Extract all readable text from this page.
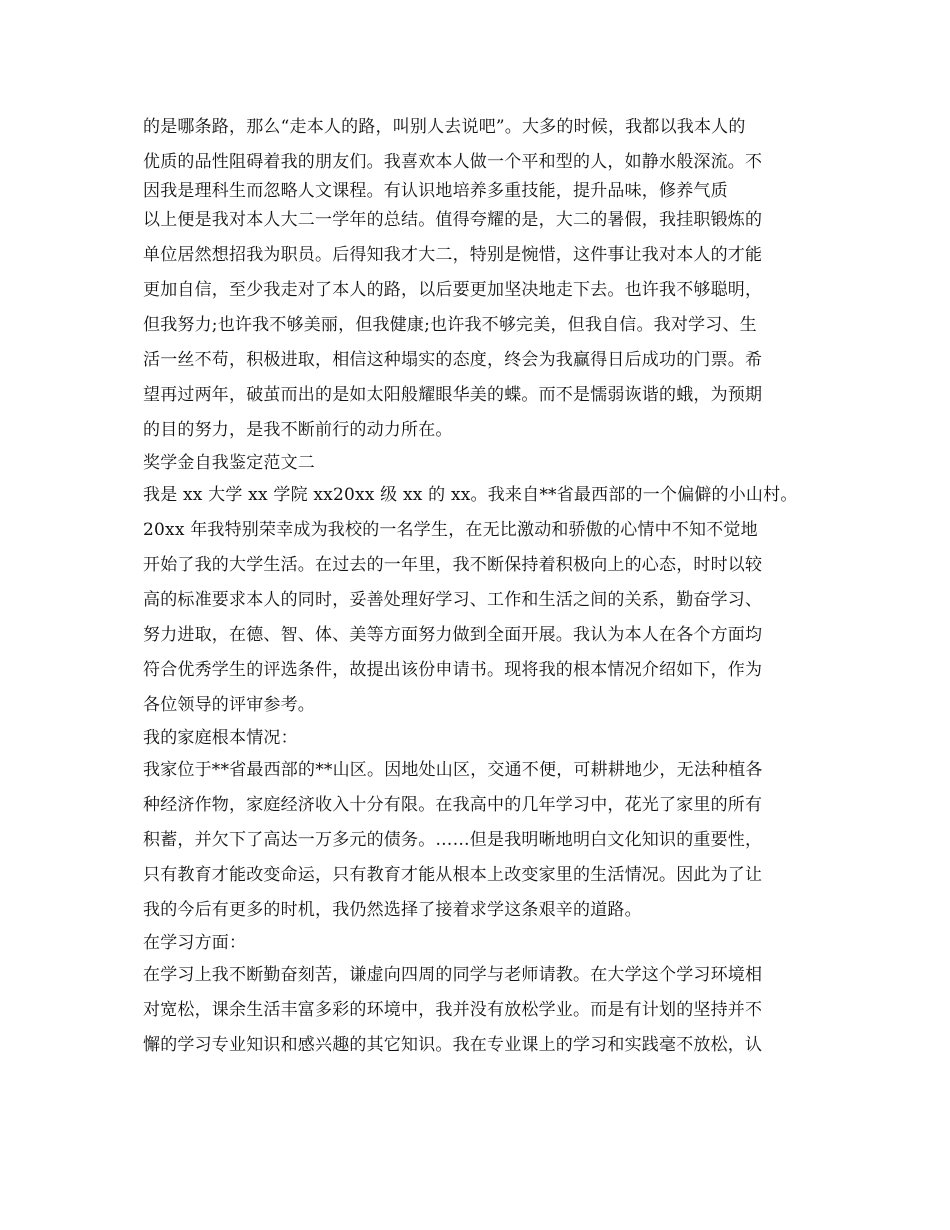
的是哪条路，那么“走本人的路，叫别人去说吧”。大多的时候，我都以我本人的
优质的品性阻碍着我的朋友们。我喜欢本人做一个平和型的人，如静水般深流。不
因我是理科生而忽略人文课程。有认识地培养多重技能，提升品味，修养气质
以上便是我对本人大二一学年的总结。值得夸耀的是，大二的暑假，我挂职锻炼的
单位居然想招我为职员。后得知我才大二，特别是惋惜，这件事让我对本人的才能
更加自信，至少我走对了本人的路，以后要更加坚决地走下去。也许我不够聪明，
但我努力;也许我不够美丽，但我健康;也许我不够完美，但我自信。我对学习、生
活一丝不苟，积极进取，相信这种塌实的态度，终会为我赢得日后成功的门票。希
望再过两年，破茧而出的是如太阳般耀眼华美的蝶。而不是懦弱诙谐的蛾，为预期
的目的努力，是我不断前行的动力所在。
奖学金自我鉴定范文二
我是 xx 大学 xx 学院 xx20xx 级 xx 的 xx。我来自**省最西部的一个偏僻的小山村。
20xx 年我特别荣幸成为我校的一名学生，在无比激动和骄傲的心情中不知不觉地
开始了我的大学生活。在过去的一年里，我不断保持着积极向上的心态，时时以较
高的标准要求本人的同时，妥善处理好学习、工作和生活之间的关系，勤奋学习、
努力进取，在德、智、体、美等方面努力做到全面开展。我认为本人在各个方面均
符合优秀学生的评选条件，故提出该份申请书。现将我的根本情况介绍如下，作为
各位领导的评审参考。
我的家庭根本情况：
我家位于**省最西部的**山区。因地处山区，交通不便，可耕耕地少，无法种植各
种经济作物，家庭经济收入十分有限。在我高中的几年学习中，花光了家里的所有
积蓄，并欠下了高达一万多元的债务。……但是我明晰地明白文化知识的重要性，
只有教育才能改变命运，只有教育才能从根本上改变家里的生活情况。因此为了让
我的今后有更多的时机，我仍然选择了接着求学这条艰辛的道路。
在学习方面：
在学习上我不断勤奋刻苦，谦虚向四周的同学与老师请教。在大学这个学习环境相
对宽松，课余生活丰富多彩的环境中，我并没有放松学业。而是有计划的坚持并不
懈的学习专业知识和感兴趣的其它知识。我在专业课上的学习和实践毫不放松，认
